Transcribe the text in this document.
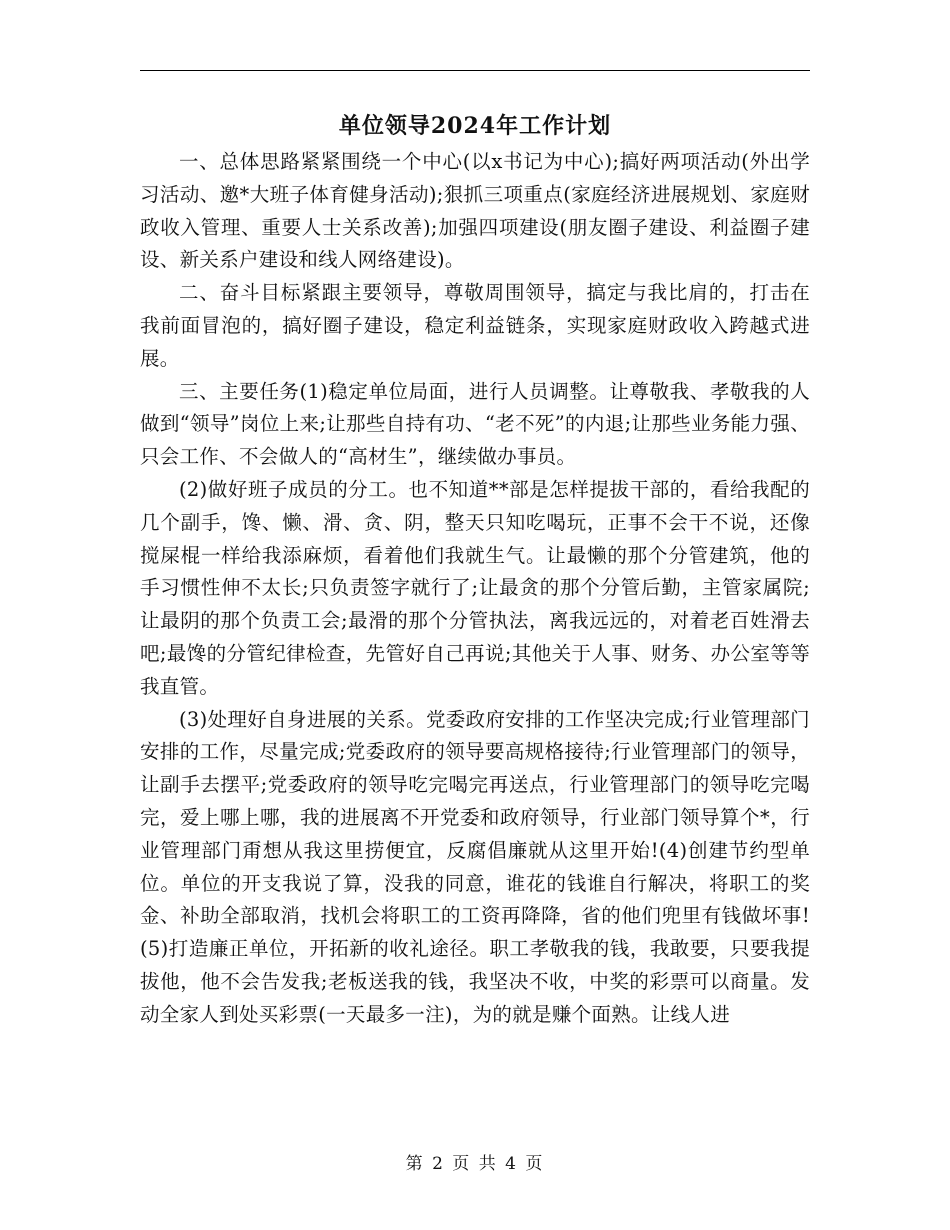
单位领导2024年工作计划

一、总体思路紧紧围绕一个中心(以x书记为中心);搞好两项活动(外出学习活动、邀*大班子体育健身活动);狠抓三项重点(家庭经济进展规划、家庭财政收入管理、重要人士关系改善);加强四项建设(朋友圈子建设、利益圈子建设、新关系户建设和线人网络建设)。

二、奋斗目标紧跟主要领导，尊敬周围领导，搞定与我比肩的，打击在我前面冒泡的，搞好圈子建设，稳定利益链条，实现家庭财政收入跨越式进展。

三、主要任务(1)稳定单位局面，进行人员调整。让尊敬我、孝敬我的人做到“领导”岗位上来;让那些自持有功、“老不死”的内退;让那些业务能力强、只会工作、不会做人的“高材生”，继续做办事员。

(2)做好班子成员的分工。也不知道**部是怎样提拔干部的，看给我配的几个副手，馋、懒、滑、贪、阴，整天只知吃喝玩，正事不会干不说，还像搅屎棍一样给我添麻烦，看着他们我就生气。让最懒的那个分管建筑，他的手习惯性伸不太长;只负责签字就行了;让最贪的那个分管后勤，主管家属院;让最阴的那个负责工会;最滑的那个分管执法，离我远远的，对着老百姓滑去吧;最馋的分管纪律检查，先管好自己再说;其他关于人事、财务、办公室等等我直管。

(3)处理好自身进展的关系。党委政府安排的工作坚决完成;行业管理部门安排的工作，尽量完成;党委政府的领导要高规格接待;行业管理部门的领导，让副手去摆平;党委政府的领导吃完喝完再送点，行业管理部门的领导吃完喝完，爱上哪上哪，我的进展离不开党委和政府领导，行业部门领导算个*，行业管理部门甭想从我这里捞便宜，反腐倡廉就从这里开始!(4)创建节约型单位。单位的开支我说了算，没我的同意，谁花的钱谁自行解决，将职工的奖金、补助全部取消，找机会将职工的工资再降降，省的他们兜里有钱做坏事!(5)打造廉正单位，开拓新的收礼途径。职工孝敬我的钱，我敢要，只要我提拔他，他不会告发我;老板送我的钱，我坚决不收，中奖的彩票可以商量。发动全家人到处买彩票(一天最多一注)，为的就是赚个面熟。让线人进

第 2 页 共 4 页
